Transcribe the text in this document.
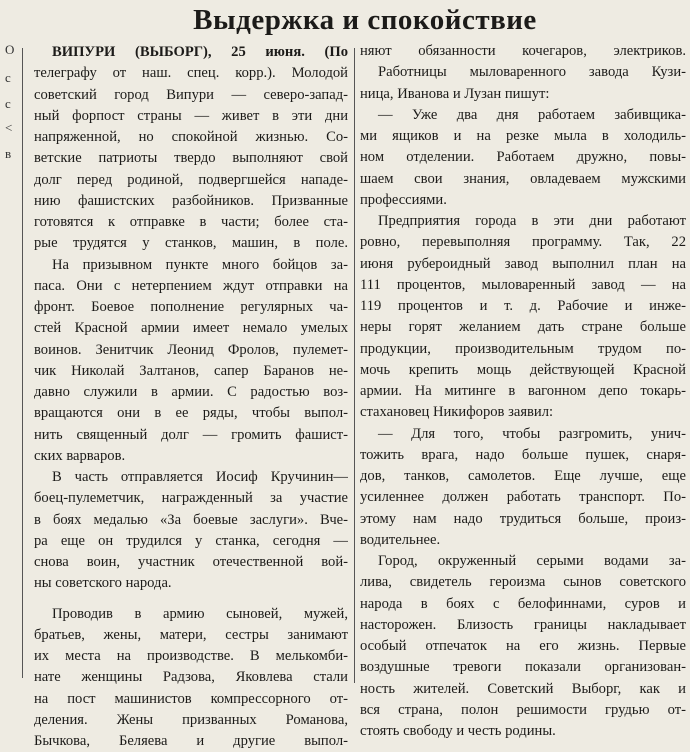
Выдержка и спокойствие
О
с
с
<
в
ВИПУРИ (ВЫБОРГ), 25 июня. (По
телеграфу от наш. спец. корр.). Молодой
советский город Випури — северо-запад-
ный форпост страны — живет в эти дни
напряженной, но спокойной жизнью. Со-
ветские патриоты твердо выполняют свой
долг перед родиной, подвергшейся нападе-
нию фашистских разбойников. Призванные
готовятся к отправке в части; более ста-
рые трудятся у станков, машин, в поле.
На призывном пункте много бойцов за-
паса. Они с нетерпением ждут отправки на
фронт. Боевое пополнение регулярных ча-
стей Красной армии имеет немало умелых
воинов. Зенитчик Леонид Фролов, пулемет-
чик Николай Залтанов, сапер Баранов не-
давно служили в армии. С радостью воз-
вращаются они в ее ряды, чтобы выпол-
нить священный долг — громить фашист-
ских варваров.
В часть отправляется Иосиф Кручинин—
боец-пулеметчик, награжденный за участие
в боях медалью «За боевые заслуги». Вче-
ра еще он трудился у станка, сегодня —
снова воин, участник отечественной вой-
ны советского народа.
Проводив в армию сыновей, мужей,
братьев, жены, матери, сестры занимают
их места на производстве. В мелькомби-
нате женщины Радзова, Яковлева стали
на пост машинистов компрессорного от-
деления. Жены призванных Романова,
Бычкова, Беляева и другие выпол-
няют обязанности кочегаров, электриков.
Работницы мыловаренного завода Кузи-
ница, Иванова и Лузан пишут:
— Уже два дня работаем забивщика-
ми ящиков и на резке мыла в холодиль-
ном отделении. Работаем дружно, повы-
шаем свои знания, овладеваем мужскими
профессиями.
Предприятия города в эти дни работают
ровно, перевыполняя программу. Так, 22
июня рубероидный завод выполнил план на
111 процентов, мыловаренный завод — на
119 процентов и т. д. Рабочие и инже-
неры горят желанием дать стране больше
продукции, производительным трудом по-
мочь крепить мощь действующей Красной
армии. На митинге в вагонном депо токарь-
стахановец Никифоров заявил:
— Для того, чтобы разгромить, унич-
тожить врага, надо больше пушек, снаря-
дов, танков, самолетов. Еще лучше, еще
усиленнее должен работать транспорт. По-
этому нам надо трудиться больше, произ-
водительнее.
Город, окруженный серыми водами за-
лива, свидетель героизма сынов советского
народа в боях с белофиннами, суров и
насторожен. Близость границы накладывает
особый отпечаток на его жизнь. Первые
воздушные тревоги показали организован-
ность жителей. Советский Выборг, как и
вся страна, полон решимости грудью от-
стоять свободу и честь родины.
